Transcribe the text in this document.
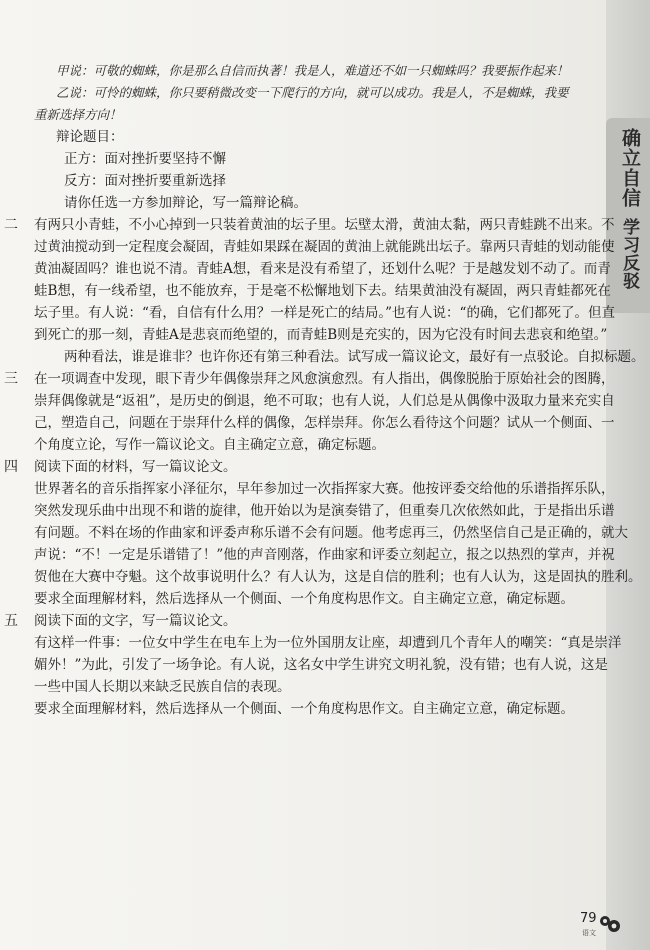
确立自信
学习反驳
甲说：可敬的蜘蛛，你是那么自信而执著！我是人，难道还不如一只蜘蛛吗？我要振作起来！
乙说：可怜的蜘蛛，你只要稍微改变一下爬行的方向，就可以成功。我是人，不是蜘蛛，我要
重新选择方向！
辩论题目：
正方：面对挫折要坚持不懈
反方：面对挫折要重新选择
请你任选一方参加辩论，写一篇辩论稿。
二 有两只小青蛙，不小心掉到一只装着黄油的坛子里。坛壁太滑，黄油太黏，两只青蛙跳不出来。不
过黄油搅动到一定程度会凝固，青蛙如果踩在凝固的黄油上就能跳出坛子。靠两只青蛙的划动能使
黄油凝固吗？谁也说不清。青蛙A想，看来是没有希望了，还划什么呢？于是越发划不动了。而青
蛙B想，有一线希望，也不能放弃，于是毫不松懈地划下去。结果黄油没有凝固，两只青蛙都死在
坛子里。有人说：“看，自信有什么用？一样是死亡的结局。”也有人说：“的确，它们都死了。但直
到死亡的那一刻，青蛙A是悲哀而绝望的，而青蛙B则是充实的，因为它没有时间去悲哀和绝望。”
两种看法，谁是谁非？也许你还有第三种看法。试写成一篇议论文，最好有一点驳论。自拟标题。
三 在一项调查中发现，眼下青少年偶像崇拜之风愈演愈烈。有人指出，偶像脱胎于原始社会的图腾，
崇拜偶像就是“返祖”，是历史的倒退，绝不可取；也有人说，人们总是从偶像中汲取力量来充实自
己，塑造自己，问题在于崇拜什么样的偶像，怎样崇拜。你怎么看待这个问题？试从一个侧面、一
个角度立论，写作一篇议论文。自主确定立意，确定标题。
四 阅读下面的材料，写一篇议论文。
世界著名的音乐指挥家小泽征尔，早年参加过一次指挥家大赛。他按评委交给他的乐谱指挥乐队，
突然发现乐曲中出现不和谐的旋律，他开始以为是演奏错了，但重奏几次依然如此，于是指出乐谱
有问题。不料在场的作曲家和评委声称乐谱不会有问题。他考虑再三，仍然坚信自己是正确的，就大
声说：“不！一定是乐谱错了！”他的声音刚落，作曲家和评委立刻起立，报之以热烈的掌声，并祝
贺他在大赛中夺魁。这个故事说明什么？有人认为，这是自信的胜利；也有人认为，这是固执的胜利。
要求全面理解材料，然后选择从一个侧面、一个角度构思作文。自主确定立意，确定标题。
五 阅读下面的文字，写一篇议论文。
有这样一件事：一位女中学生在电车上为一位外国朋友让座，却遭到几个青年人的嘲笑：“真是崇洋
媚外！”为此，引发了一场争论。有人说，这名女中学生讲究文明礼貌，没有错；也有人说，这是
一些中国人长期以来缺乏民族自信的表现。
要求全面理解材料，然后选择从一个侧面、一个角度构思作文。自主确定立意，确定标题。
79
语文
